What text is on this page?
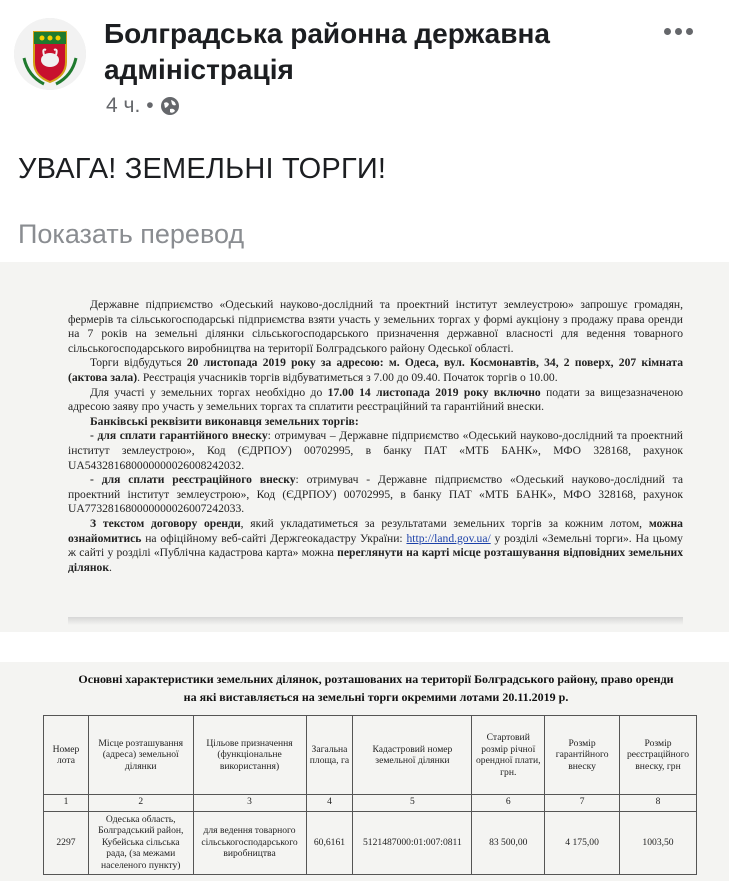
Болградська районна державна адміністрація
4 ч. •
УВАГА! ЗЕМЕЛЬНІ ТОРГИ!
Показать перевод

Державне підприємство «Одеський науково-дослідний та проектний інститут землеустрою» запрошує громадян, фермерів та сільськогосподарські підприємства взяти участь у земельних торгах у формі аукціону з продажу права оренди на 7 років на земельні ділянки сільськогосподарського призначення державної власності для ведення товарного сільськогосподарського виробництва на території Болградського району Одеської області.

Торги відбудуться 20 листопада 2019 року за адресою: м. Одеса, вул. Космонавтів, 34, 2 поверх, 207 кімната (актова зала). Реєстрація учасників торгів відбуватиметься з 7.00 до 09.40. Початок торгів о 10.00.

Для участі у земельних торгах необхідно до 17.00 14 листопада 2019 року включно подати за вищезазначеною адресою заяву про участь у земельних торгах та сплатити реєстраційний та гарантійний внески.

Банківські реквізити виконавця земельних торгів:

- для сплати гарантійного внеску: отримувач – Державне підприємство «Одеський науково-дослідний та проектний інститут землеустрою», Код (ЄДРПОУ) 00702995, в банку ПАТ «МТБ БАНК», МФО 328168, рахунок UA543281680000000026008242032.

- для сплати реєстраційного внеску: отримувач - Державне підприємство «Одеський науково-дослідний та проектний інститут землеустрою», Код (ЄДРПОУ) 00702995, в банку ПАТ «МТБ БАНК», МФО 328168, рахунок UA773281680000000026007242033.

З текстом договору оренди, який укладатиметься за результатами земельних торгів за кожним лотом, можна ознайомитись на офіційному веб-сайті Держгеокадастру України: http://land.gov.ua/ у розділі «Земельні торги». На цьому ж сайті у розділі «Публічна кадастрова карта» можна переглянути на карті місце розташування відповідних земельних ділянок.

Основні характеристики земельних ділянок, розташованих на території Болградського району, право оренди
на які виставляється на земельні торги окремими лотами 20.11.2019 р.
Номер лота	Місце розташування (адреса) земельної ділянки	Цільове призначення (функціональне використання)	Загальна площа, га	Кадастровий номер земельної ділянки	Стартовий розмір річної орендної плати, грн.	Розмір гарантійного внеску	Розмір реєстраційного внеску, грн
1	2	3	4	5	6	7	8
2297	Одеська область, Болградський район, Кубейська сільська рада, (за межами населеного пункту)	для ведення товарного сільськогосподарського виробництва	60,6161	5121487000:01:007:0811	83 500,00	4 175,00	1003,50
